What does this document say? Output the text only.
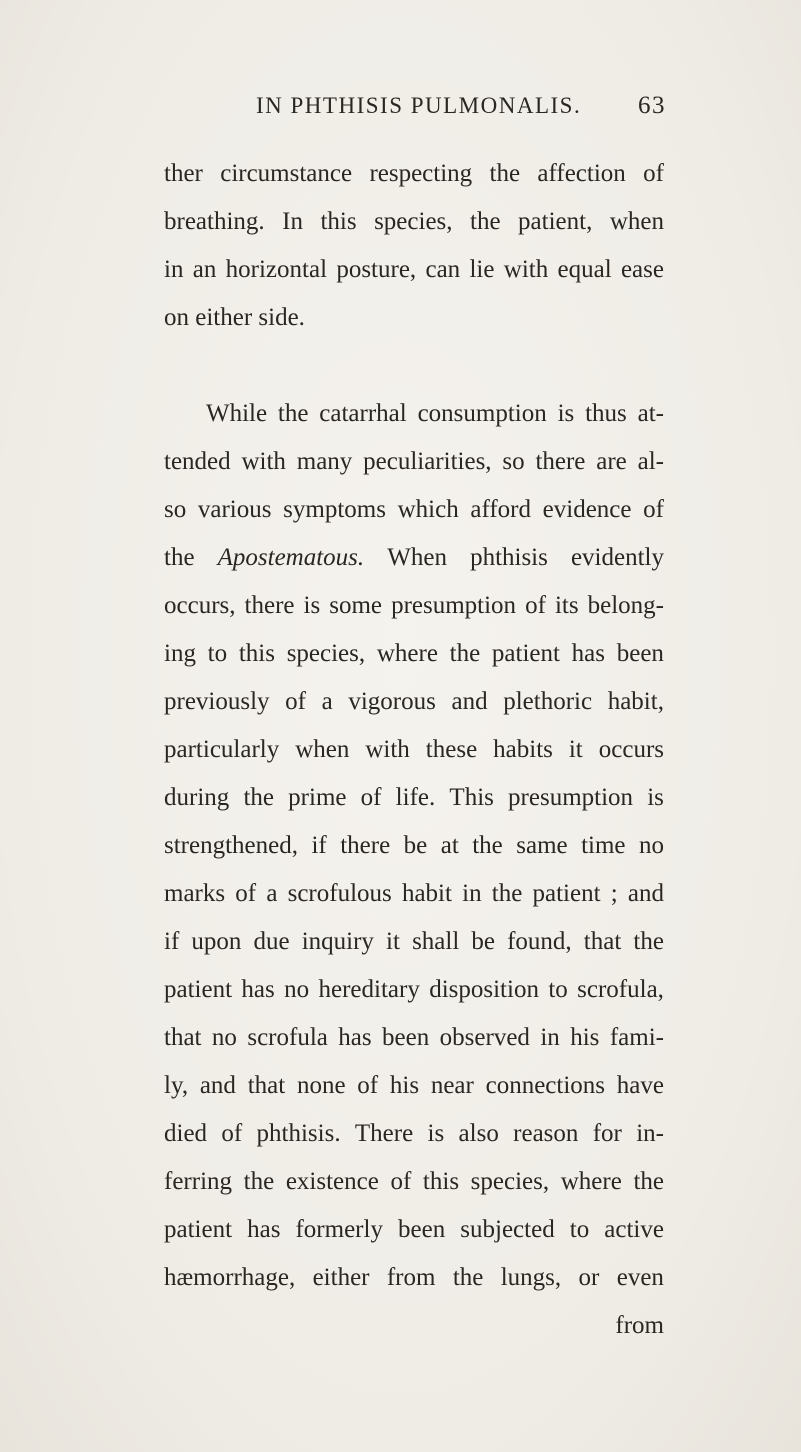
IN PHTHISIS PULMONALIS. 63
ther circumstance respecting the affection of
breathing. In this species, the patient, when
in an horizontal posture, can lie with equal ease
on either side.
While the catarrhal consumption is thus at-
tended with many peculiarities, so there are al-
so various symptoms which afford evidence of
the Apostematous. When phthisis evidently
occurs, there is some presumption of its belong-
ing to this species, where the patient has been
previously of a vigorous and plethoric habit,
particularly when with these habits it occurs
during the prime of life. This presumption is
strengthened, if there be at the same time no
marks of a scrofulous habit in the patient ; and
if upon due inquiry it shall be found, that the
patient has no hereditary disposition to scrofula,
that no scrofula has been observed in his fami-
ly, and that none of his near connections have
died of phthisis. There is also reason for in-
ferring the existence of this species, where the
patient has formerly been subjected to active
hæmorrhage, either from the lungs, or even
from
